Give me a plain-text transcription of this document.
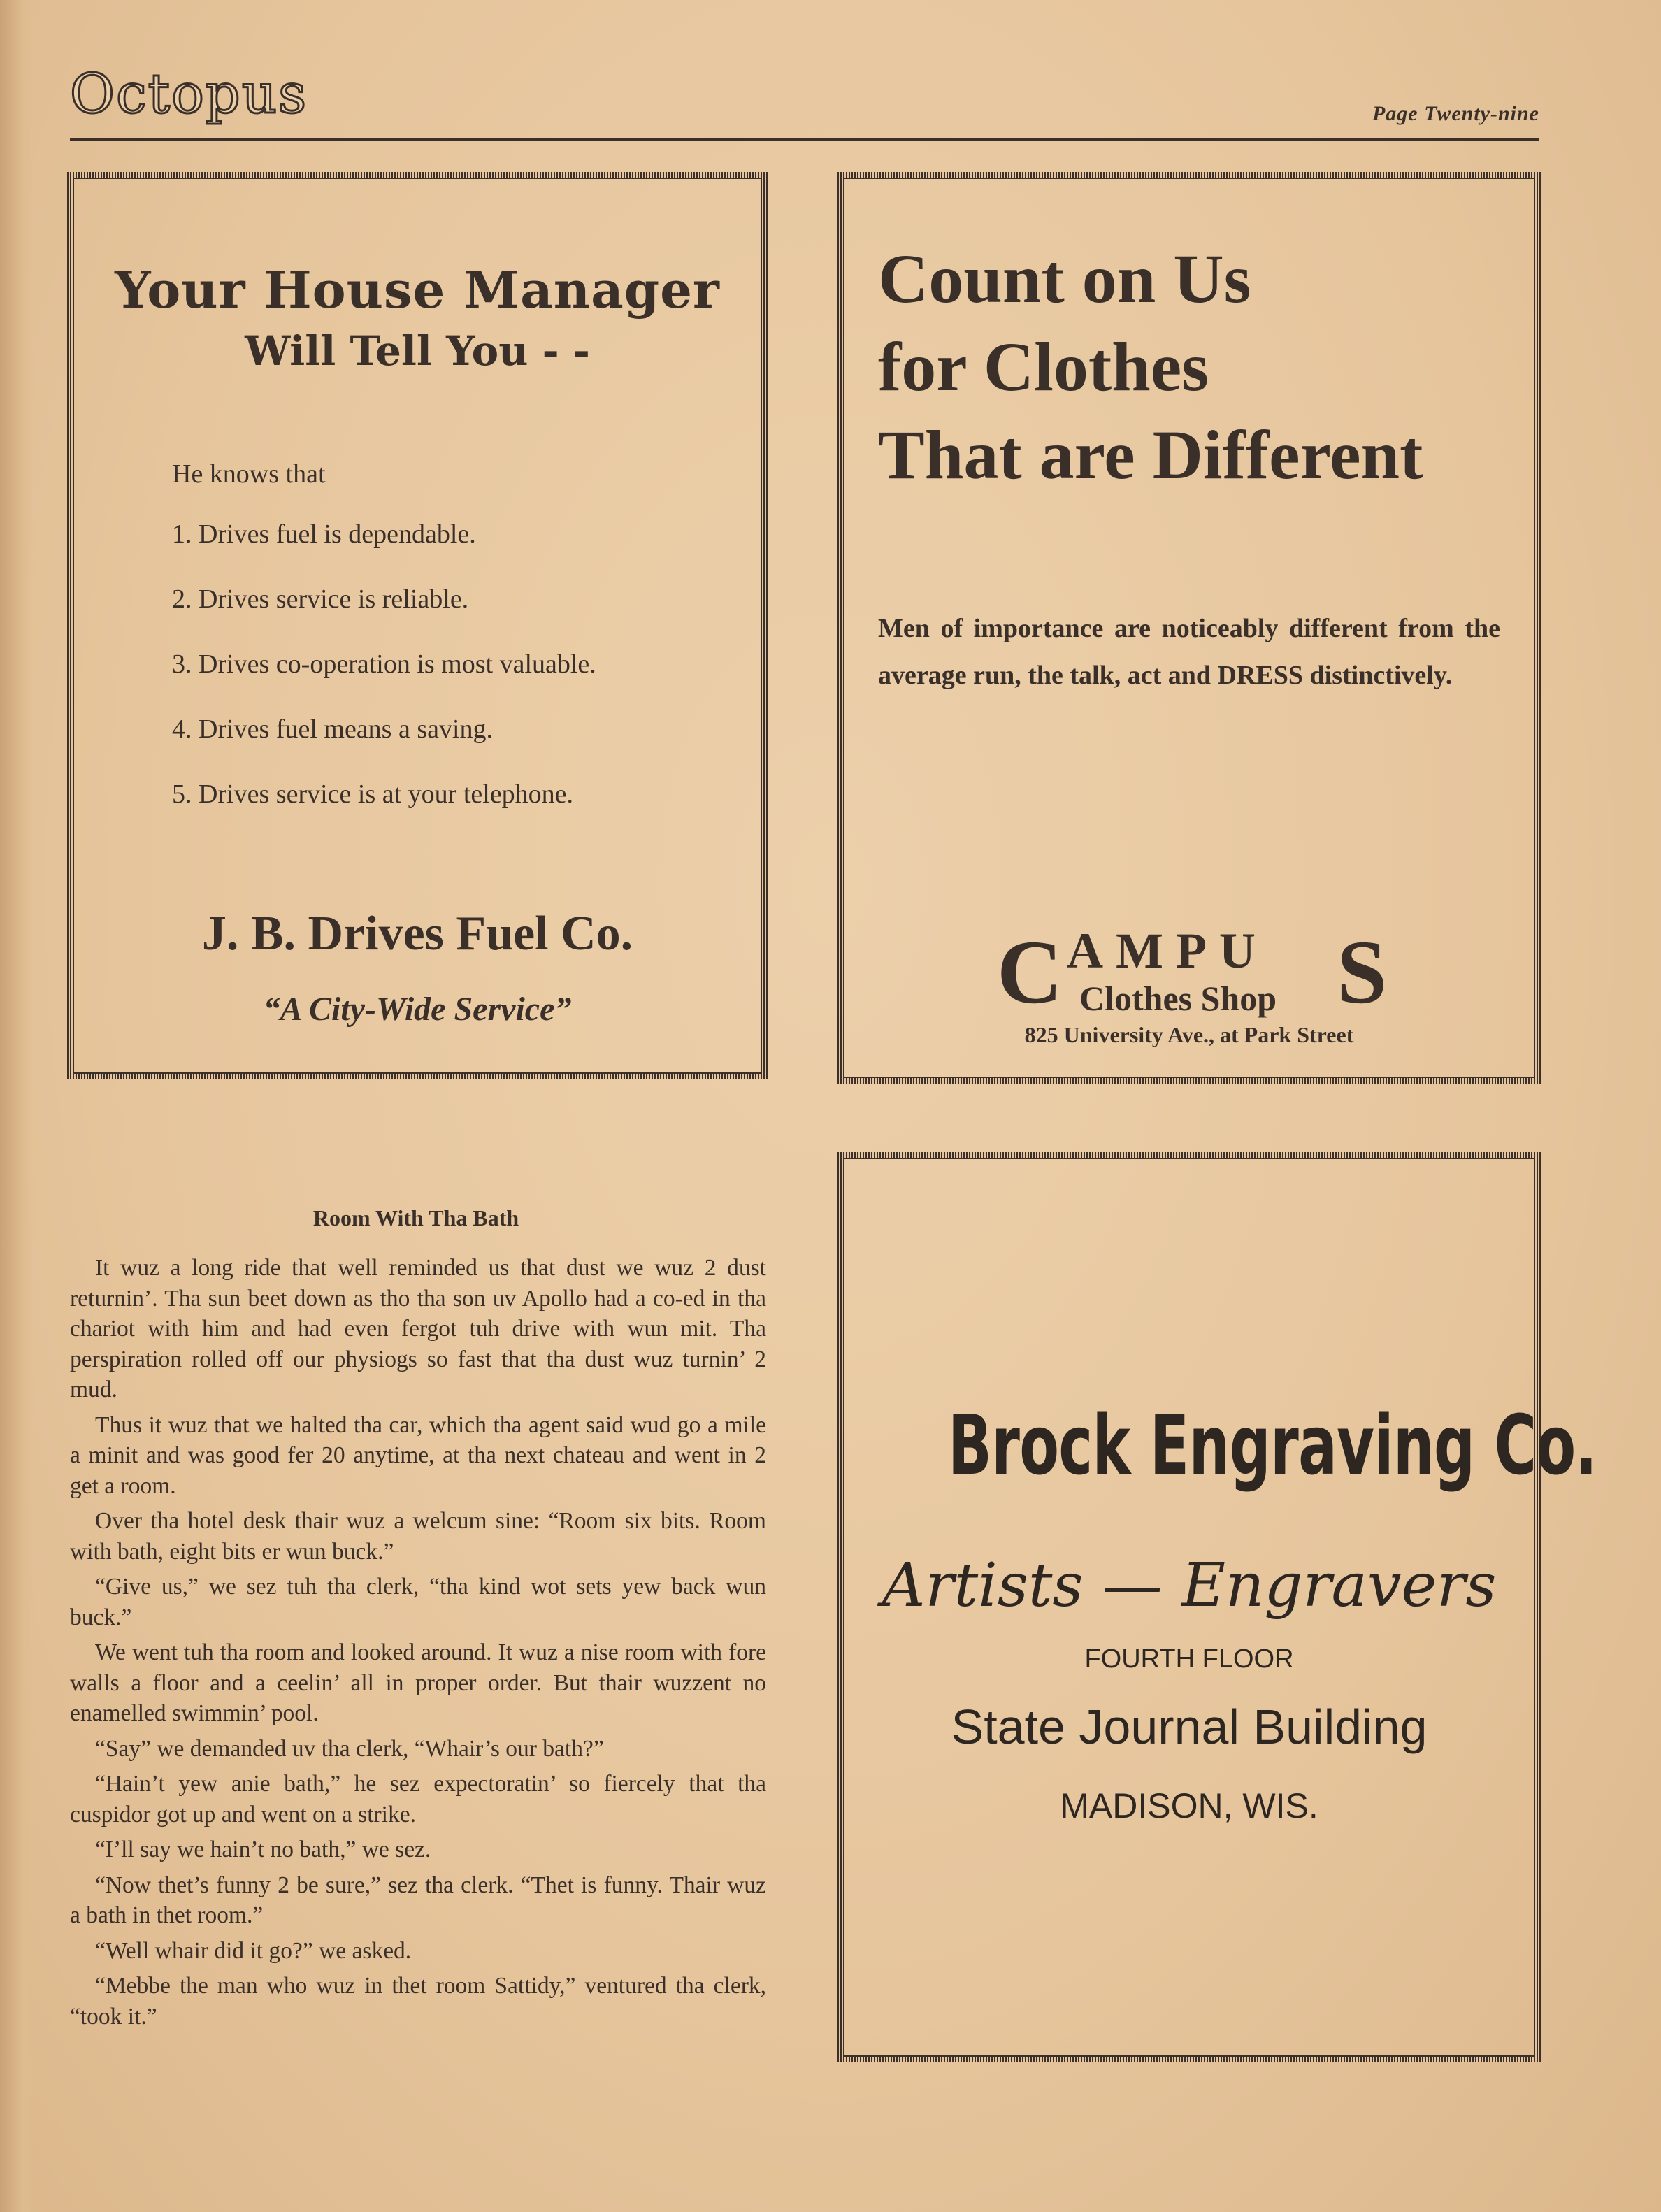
Octopus	Page Twenty-nine
Your House Manager
Will Tell You - -
He knows that
1. Drives fuel is dependable.
2. Drives service is reliable.
3. Drives co-operation is most valuable.
4. Drives fuel means a saving.
5. Drives service is at your telephone.
J. B. Drives Fuel Co.
“A City-Wide Service”
Count on Us
for Clothes
That are Different
Men of importance are noticeably different from the average run, the talk, act and DRESS distinctively.
C AMPU
Clothes Shop S
825 University Ave., at Park Street
Room With Tha Bath

It wuz a long ride that well reminded us that dust we wuz 2 dust returnin’. Tha sun beet down as tho tha son uv Apollo had a co-ed in tha chariot with him and had even fergot tuh drive with wun mit. Tha perspiration rolled off our physiogs so fast that tha dust wuz turnin’ 2 mud.

Thus it wuz that we halted tha car, which tha agent said wud go a mile a minit and was good fer 20 anytime, at tha next chateau and went in 2 get a room.

Over tha hotel desk thair wuz a welcum sine: “Room six bits. Room with bath, eight bits er wun buck.”

“Give us,” we sez tuh tha clerk, “tha kind wot sets yew back wun buck.”

We went tuh tha room and looked around. It wuz a nise room with fore walls a floor and a ceelin’ all in proper order. But thair wuzzent no enamelled swimmin’ pool.

“Say” we demanded uv tha clerk, “Whair’s our bath?”

“Hain’t yew anie bath,” he sez expectoratin’ so fiercely that tha cuspidor got up and went on a strike.

“I’ll say we hain’t no bath,” we sez.

“Now thet’s funny 2 be sure,” sez tha clerk. “Thet is funny. Thair wuz a bath in thet room.”

“Well whair did it go?” we asked.

“Mebbe the man who wuz in thet room Sattidy,” ventured tha clerk, “took it.”

Brock Engraving Co.
Artists — Engravers
FOURTH FLOOR
State Journal Building
MADISON, WIS.
